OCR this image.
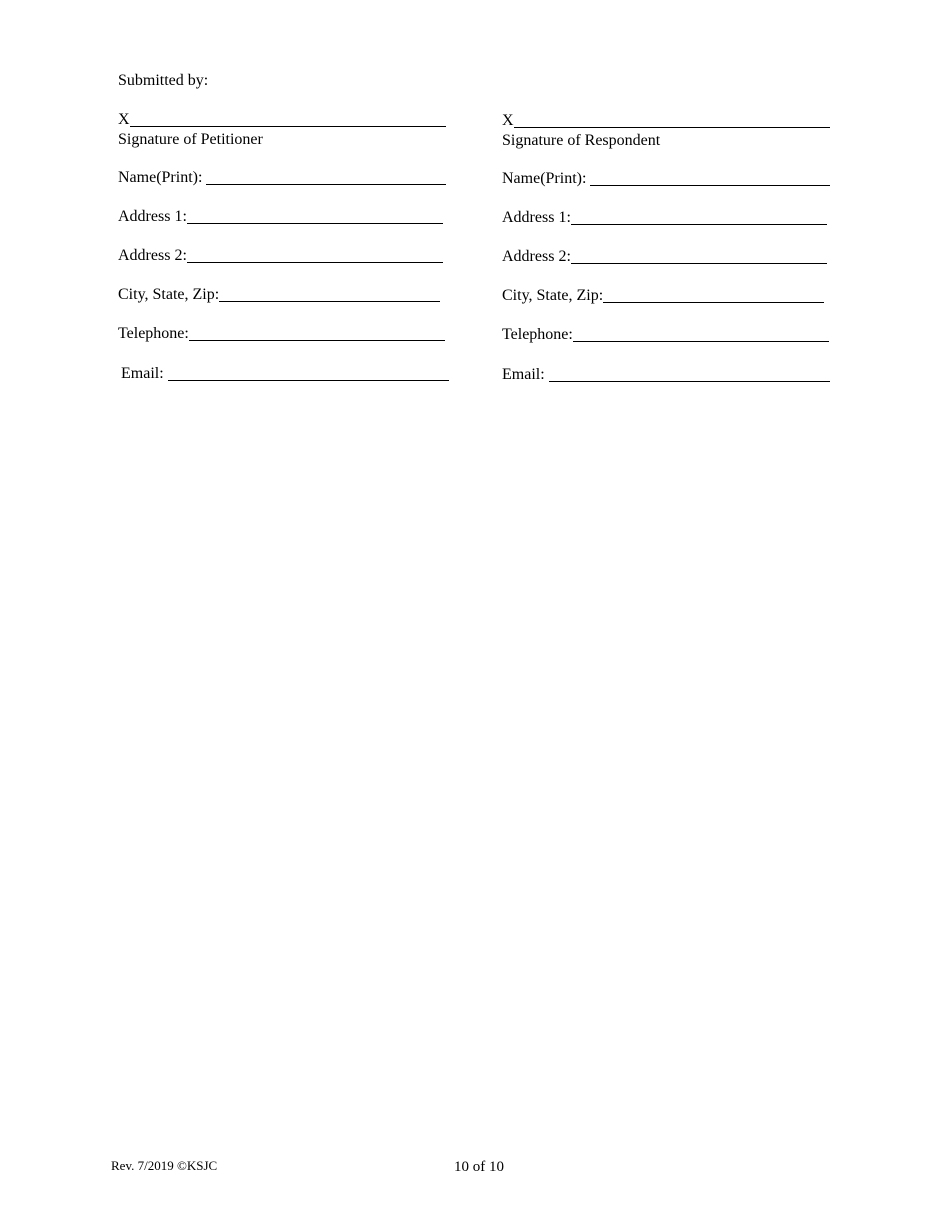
Submitted by:
X
Signature of Petitioner
Name(Print):
Address 1:
Address 2:
City, State, Zip:
Telephone:
Email:
X
Signature of Respondent
Name(Print):
Address 1:
Address 2:
City, State, Zip:
Telephone:
Email:
Rev. 7/2019 ©KSJC	10 of 10
